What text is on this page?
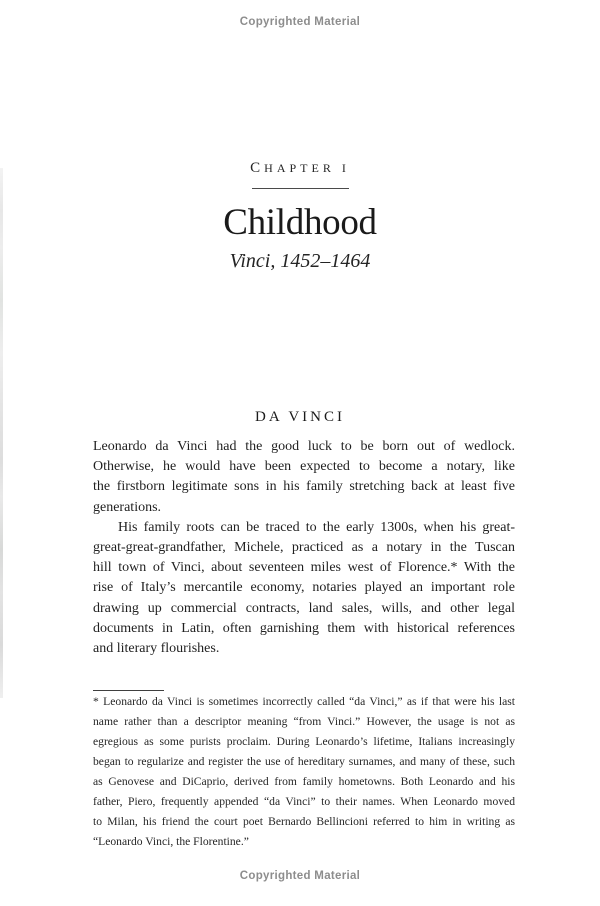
Copyrighted Material
CHAPTER I
Childhood
Vinci, 1452–1464
DA VINCI
Leonardo da Vinci had the good luck to be born out of wedlock.
Otherwise, he would have been expected to become a notary, like
the firstborn legitimate sons in his family stretching back at least five
generations.
His family roots can be traced to the early 1300s, when his great-
great-great-grandfather, Michele, practiced as a notary in the Tuscan
hill town of Vinci, about seventeen miles west of Florence.* With the
rise of Italy’s mercantile economy, notaries played an important role
drawing up commercial contracts, land sales, wills, and other legal
documents in Latin, often garnishing them with historical references
and literary flourishes.
* Leonardo da Vinci is sometimes incorrectly called “da Vinci,” as if that were his last
name rather than a descriptor meaning “from Vinci.” However, the usage is not as
egregious as some purists proclaim. During Leonardo’s lifetime, Italians increasingly
began to regularize and register the use of hereditary surnames, and many of these, such
as Genovese and DiCaprio, derived from family hometowns. Both Leonardo and his
father, Piero, frequently appended “da Vinci” to their names. When Leonardo moved
to Milan, his friend the court poet Bernardo Bellincioni referred to him in writing as
“Leonardo Vinci, the Florentine.”
Copyrighted Material
